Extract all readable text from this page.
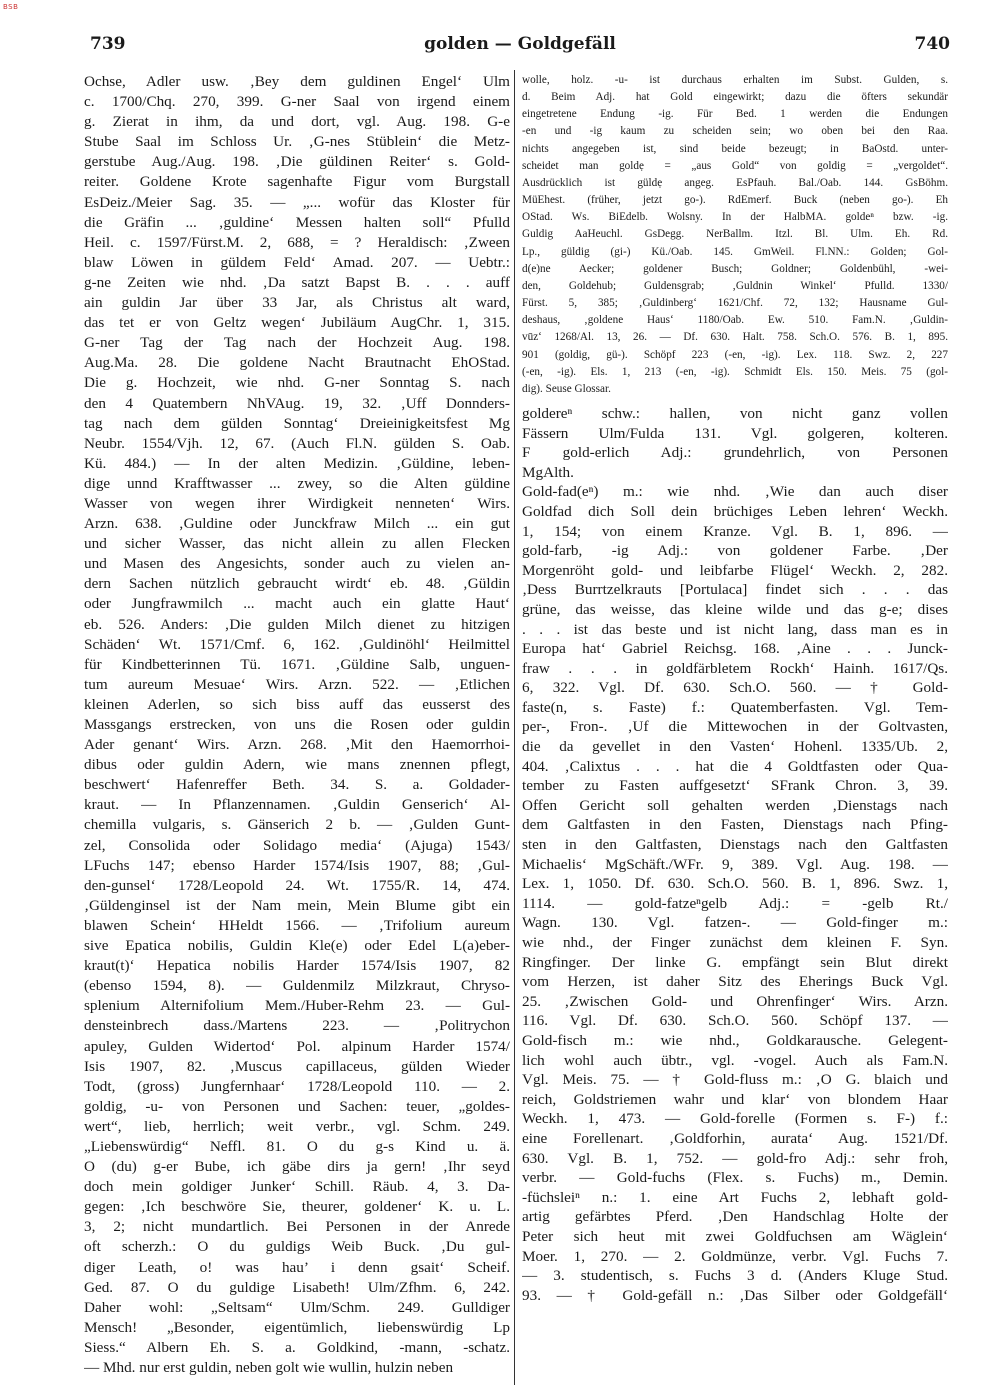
BSB
739	golden — Goldgefäll	740
Ochse, Adler usw. ‚Bey dem guldinen Engel‘ Ulm
c. 1700/Chq. 270, 399. G-ner Saal von irgend einem
g. Zierat in ihm, da und dort, vgl. Aug. 198. G-e
Stube Saal im Schloss Ur. ‚G-nes Stüblein‘ die Metz-
gerstube Aug./Aug. 198. ‚Die güldinen Reiter‘ s. Gold-
reiter. Goldene Krote sagenhafte Figur vom Burgstall
EsDeiz./Meier Sag. 35. — „... wofür das Kloster für
die Gräfin ... ‚guldine‘ Messen halten soll“ Pfulld
Heil. c. 1597/Fürst.M. 2, 688, = ? Heraldisch: ‚Zween
blaw Löwen in güldem Feld‘ Amad. 207. — Uebtr.:
g-ne Zeiten wie nhd. ‚Da satzt Bapst B. . . . auff
ain guldin Jar über 33 Jar, als Christus alt ward,
das tet er von Geltz wegen‘ Jubiläum AugChr. 1, 315.
G-ner Tag der Tag nach der Hochzeit Aug. 198.
Aug.Ma. 28. Die goldene Nacht Brautnacht EhOStad.
Die g. Hochzeit, wie nhd. G-ner Sonntag S. nach
den 4 Quatembern NhVAug. 19, 32. ‚Uff Donnders-
tag nach dem gülden Sonntag‘ Dreieinigkeitsfest Mg
Neubr. 1554/Vjh. 12, 67. (Auch Fl.N. gülden S. Oab.
Kü. 484.) — In der alten Medizin. ‚Güldine, leben-
dige unnd Krafftwasser ... zwey, so die Alten güldine
Wasser von wegen ihrer Wirdigkeit nenneten‘ Wirs.
Arzn. 638. ‚Guldine oder Junckfraw Milch ... ein gut
und sicher Wasser, das nicht allein zu allen Flecken
und Masen des Angesichts, sonder auch zu vielen an-
dern Sachen nützlich gebraucht wirdt‘ eb. 48. ‚Güldin
oder Jungfrawmilch ... macht auch ein glatte Haut‘
eb. 526. Anders: ‚Die gulden Milch dienet zu hitzigen
Schäden‘ Wt. 1571/Cmf. 6, 162. ‚Guldinöhl‘ Heilmittel
für Kindbetterinnen Tü. 1671. ‚Güldine Salb, unguen-
tum aureum Mesuae‘ Wirs. Arzn. 522. — ‚Etlichen
kleinen Aderlen, so sich biss auff das eusserst des
Massgangs erstrecken, von uns die Rosen oder guldin
Ader genant‘ Wirs. Arzn. 268. ‚Mit den Haemorrhoi-
dibus oder guldin Adern, wie mans znennen pflegt,
beschwert‘ Hafenreffer Beth. 34. S. a. Goldader-
kraut. — In Pflanzennamen. ‚Guldin Genserich‘ Al-
chemilla vulgaris, s. Gänserich 2 b. — ‚Gulden Gunt-
zel, Consolida oder Solidago media‘ (Ajuga) 1543/
LFuchs 147; ebenso Harder 1574/Isis 1907, 88; ‚Gul-
den-gunsel‘ 1728/Leopold 24. Wt. 1755/R. 14, 474.
‚Güldenginsel ist der Nam mein, Mein Blume gibt ein
blawen Schein‘ HHeldt 1566. — ‚Trifolium aureum
sive Epatica nobilis, Guldin Kle(e) oder Edel L(a)eber-
kraut(t)‘ Hepatica nobilis Harder 1574/Isis 1907, 82
(ebenso 1594, 8). — Guldenmilz Milzkraut, Chryso-
splenium Alternifolium Mem./Huber-Rehm 23. — Gul-
densteinbrech dass./Martens 223. — ‚Politrychon
apuley, Gulden Widertod‘ Pol. alpinum Harder 1574/
Isis 1907, 82. ‚Muscus capillaceus, gülden Wieder
Todt, (gross) Jungfernhaar‘ 1728/Leopold 110. — 2.
goldig, -u- von Personen und Sachen: teuer, „goldes-
wert“, lieb, herrlich; weit verbr., vgl. Schm. 249.
„Liebenswürdig“ Neffl. 81. O du g-s Kind u. ä.
O (du) g-er Bube, ich gäbe dirs ja gern! ‚Ihr seyd
doch mein goldiger Junker‘ Schill. Räub. 4, 3. Da-
gegen: ‚Ich beschwöre Sie, theurer, goldener‘ K. u. L.
3, 2; nicht mundartlich. Bei Personen in der Anrede
oft scherzh.: O du guldigs Weib Buck. ‚Du gul-
diger Leath, o! was hau’ i denn gsait‘ Scheif.
Ged. 87. O du guldige Lisabeth! Ulm/Zfhm. 6, 242.
Daher wohl: „Seltsam“ Ulm/Schm. 249. Gulldiger
Mensch! „Besonder, eigentümlich, liebenswürdig Lp
Siess.“ Albern Eh. S. a. Goldkind, -mann, -schatz.
— Mhd. nur erst guldin, neben golt wie wullin, hulzin neben
wolle, holz. -u- ist durchaus erhalten im Subst. Gulden, s.
d. Beim Adj. hat Gold eingewirkt; dazu die öfters sekundär
eingetretene Endung -ig. Für Bed. 1 werden die Endungen
-en und -ig kaum zu scheiden sein; wo oben bei den Raa.
nichts angegeben ist, sind beide bezeugt; in BaOstd. unter-
scheidet man goldẹ = „aus Gold“ von goldig = „vergoldet“.
Ausdrücklich ist güldẹ angeg. EsPfauh. Bal./Oab. 144. GsBöhm.
MüEhest. (früher, jetzt go-). RdEmerf. Buck (neben go-). Eh
OStad. Ws. BiEdelb. Wolsny. In der HalbMA. goldeⁿ bzw. -ig.
Guldig AaHeuchl. GsDegg. NerBallm. Itzl. Bl. Ulm. Eh. Rd.
Lp., güldig (gi-) Kü./Oab. 145. GmWeil. Fl.NN.: Golden; Gol-
d(e)ne Aecker; goldener Busch; Goldner; Goldenbühl, -wei-
den, Goldehub; Guldensgrab; ‚Guldnin Winkel‘ Pfulld. 1330/
Fürst. 5, 385; ‚Guldinberg‘ 1621/Chf. 72, 132; Hausname Gul-
deshaus, ‚goldene Haus‘ 1180/Oab. Ew. 510. Fam.N. ‚Guldin-
vūz‘ 1268/Al. 13, 26. — Df. 630. Halt. 758. Sch.O. 576. B. 1, 895.
901 (goldig, gü-). Schöpf 223 (-en, -ig). Lex. 118. Swz. 2, 227
(-en, -ig). Els. 1, 213 (-en, -ig). Schmidt Els. 150. Meis. 75 (gol-
dig). Seuse Glossar.
goldereⁿ schw.: hallen, von nicht ganz vollen
Fässern Ulm/Fulda 131. Vgl. golgeren, kolteren.
F gold-erlich Adj.: grundehrlich, von Personen
MgAlth.
Gold-fad(eⁿ) m.: wie nhd. ‚Wie dan auch diser
Goldfad dich Soll dein brüchiges Leben lehren‘ Weckh.
1, 154; von einem Kranze. Vgl. B. 1, 896. —
gold-farb, -ig Adj.: von goldener Farbe. ‚Der
Morgenröht gold- und leibfarbe Flügel‘ Weckh. 2, 282.
‚Dess Burrtzelkrauts [Portulaca] findet sich . . . das
grüne, das weisse, das kleine wilde und das g-e; dises
. . . ist das beste und ist nicht lang, dass man es in
Europa hat‘ Gabriel Reichsg. 168. ‚Aine . . . Junck-
fraw . . . in goldfärbletem Rockh‘ Hainh. 1617/Qs.
6, 322. Vgl. Df. 630. Sch.O. 560. — † Gold-
faste(n, s. Faste) f.: Quatemberfasten. Vgl. Tem-
per-, Fron-. ‚Uf die Mittewochen in der Goltvasten,
die da gevellet in den Vasten‘ Hohenl. 1335/Ub. 2,
404. ‚Calixtus . . . hat die 4 Goldtfasten oder Qua-
tember zu Fasten auffgesetzt‘ SFrank Chron. 3, 39.
Offen Gericht soll gehalten werden ‚Dienstags nach
dem Galtfasten in den Fasten, Dienstags nach Pfing-
sten in den Galtfasten, Dienstags nach den Galtfasten
Michaelis‘ MgSchäft./WFr. 9, 389. Vgl. Aug. 198. —
Lex. 1, 1050. Df. 630. Sch.O. 560. B. 1, 896. Swz. 1,
1114. — gold-fatzeⁿgelb Adj.: = -gelb Rt./
Wagn. 130. Vgl. fatzen-. — Gold-finger m.:
wie nhd., der Finger zunächst dem kleinen F. Syn.
Ringfinger. Der linke G. empfängt sein Blut direkt
vom Herzen, ist daher Sitz des Eherings Buck Vgl.
25. ‚Zwischen Gold- und Ohrenfinger‘ Wirs. Arzn.
116. Vgl. Df. 630. Sch.O. 560. Schöpf 137. —
Gold-fisch m.: wie nhd., Goldkarausche. Gelegent-
lich wohl auch übtr., vgl. -vogel. Auch als Fam.N.
Vgl. Meis. 75. — † Gold-fluss m.: ‚O G. blaich und
reich, Goldstriemen wahr und klar‘ von blondem Haar
Weckh. 1, 473. — Gold-forelle (Formen s. F-) f.:
eine Forellenart. ‚Goldforhin, aurata‘ Aug. 1521/Df.
630. Vgl. B. 1, 752. — gold-fro Adj.: sehr froh,
verbr. — Gold-fuchs (Flex. s. Fuchs) m., Demin.
-füchsleiⁿ n.: 1. eine Art Fuchs 2, lebhaft gold-
artig gefärbtes Pferd. ‚Den Handschlag Holte der
Peter sich heut mit zwei Goldfuchsen am Wäglein‘
Moer. 1, 270. — 2. Goldmünze, verbr. Vgl. Fuchs 7.
— 3. studentisch, s. Fuchs 3 d. (Anders Kluge Stud.
93. — † Gold-gefäll n.: ‚Das Silber oder Goldgefäll‘
